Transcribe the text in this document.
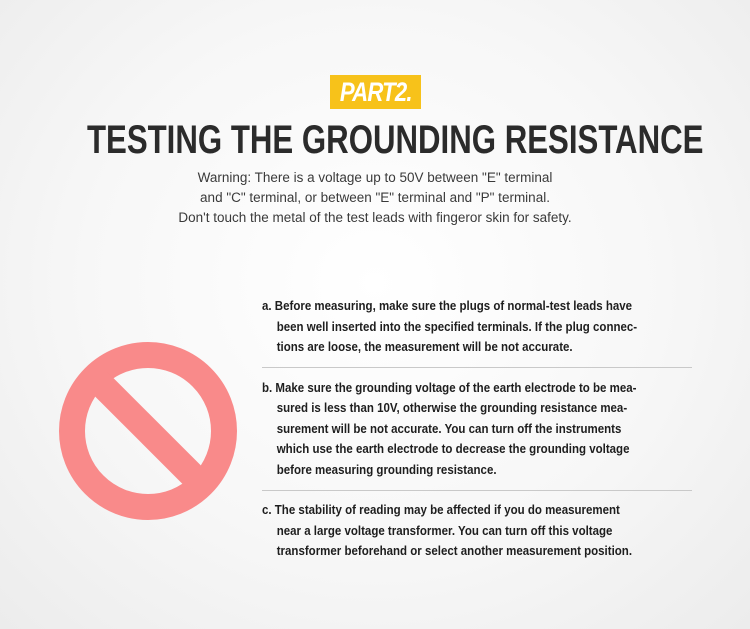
PART2.
TESTING THE GROUNDING RESISTANCE
Warning: There is a voltage up to 50V between "E" terminal
and "C" terminal, or between "E" terminal and "P" terminal.
Don't touch the metal of the test leads with fingeror skin for safety.
a. Before measuring, make sure the plugs of normal-test leads have
been well inserted into the specified terminals. If the plug connec-
tions are loose, the measurement will be not accurate.
b. Make sure the grounding voltage of the earth electrode to be mea-
sured is less than 10V, otherwise the grounding resistance mea-
surement will be not accurate. You can turn off the instruments
which use the earth electrode to decrease the grounding voltage
before measuring grounding resistance.
c. The stability of reading may be affected if you do measurement
near a large voltage transformer. You can turn off this voltage
transformer beforehand or select another measurement position.
